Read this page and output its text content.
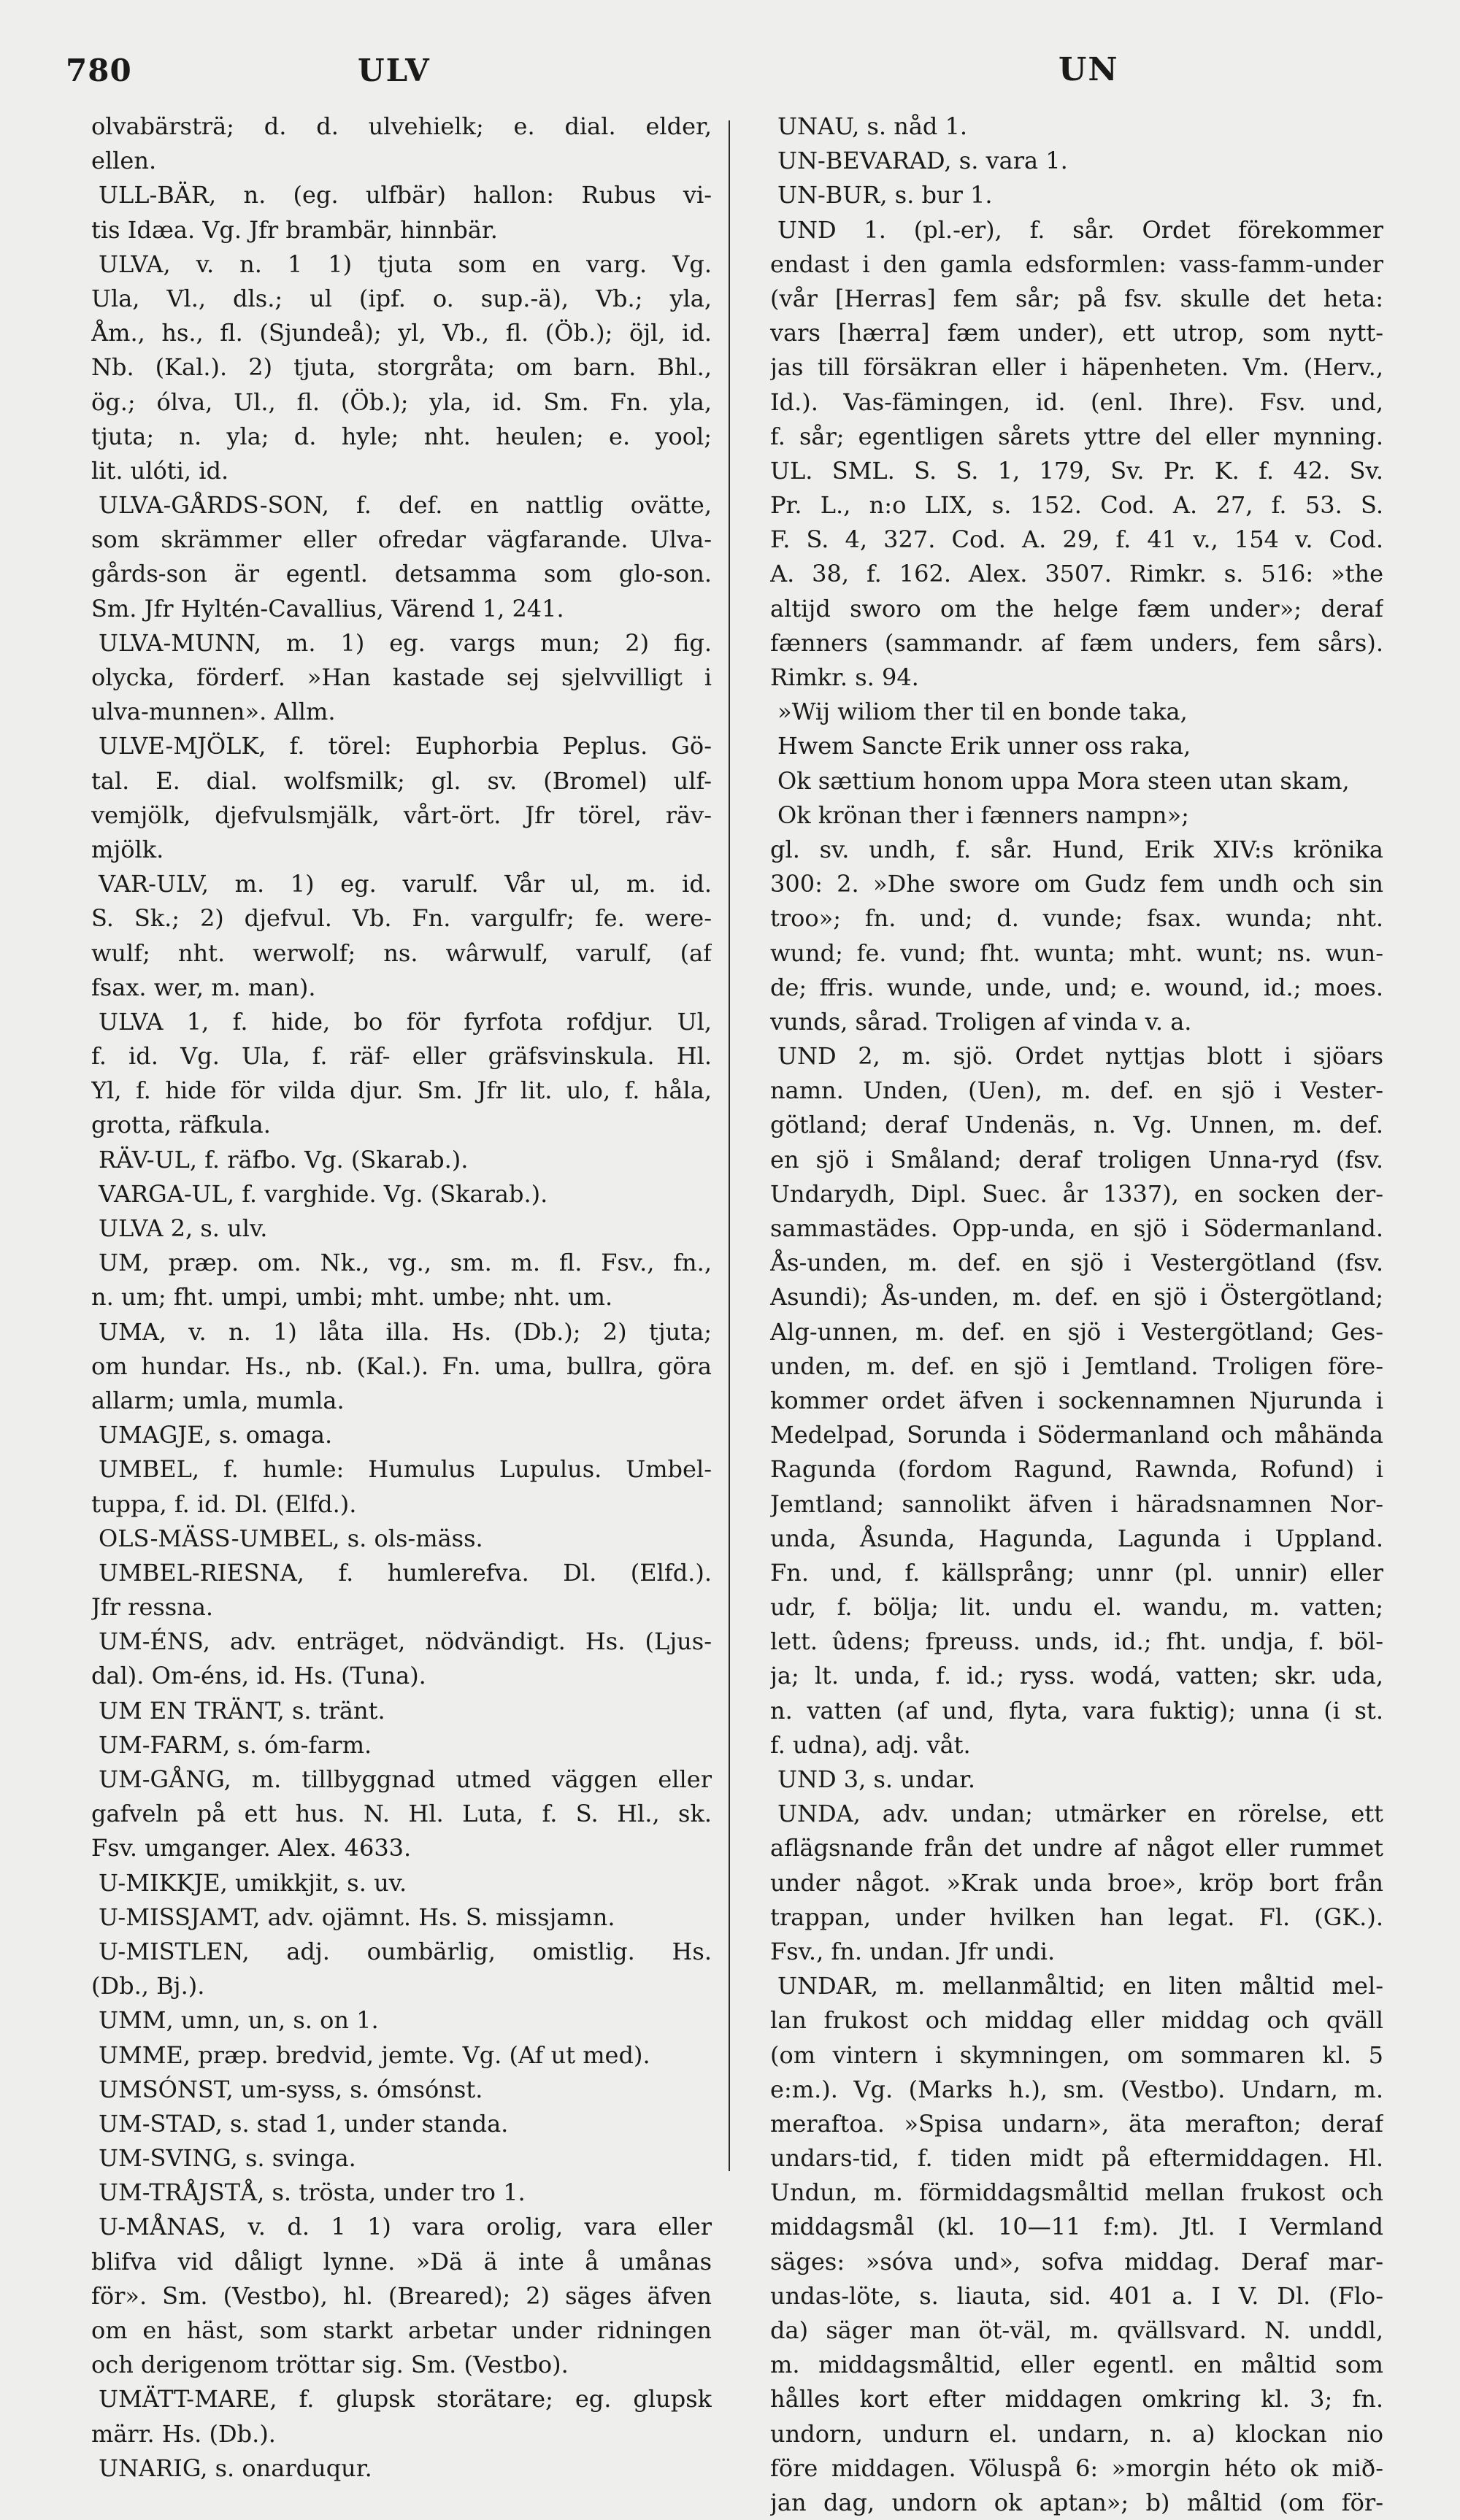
780	ULV	UN
olvabärsträ; d. d. ulvehielk; e. dial. elder,
ellen.
ULL-BÄR, n. (eg. ulfbär) hallon: Rubus vi-
tis Idæa. Vg. Jfr brambär, hinnbär.
ULVA, v. n. 1 1) tjuta som en varg. Vg.
Ula, Vl., dls.; ul (ipf. o. sup.-ä), Vb.; yla,
Åm., hs., fl. (Sjundeå); yl, Vb., fl. (Öb.); öjl, id.
Nb. (Kal.). 2) tjuta, storgråta; om barn. Bhl.,
ög.; ólva, Ul., fl. (Öb.); yla, id. Sm. Fn. yla,
tjuta; n. yla; d. hyle; nht. heulen; e. yool;
lit. ulóti, id.
ULVA-GÅRDS-SON, f. def. en nattlig ovätte,
som skrämmer eller ofredar vägfarande. Ulva-
gårds-son är egentl. detsamma som glo-son.
Sm. Jfr Hyltén-Cavallius, Värend 1, 241.
ULVA-MUNN, m. 1) eg. vargs mun; 2) fig.
olycka, förderf. »Han kastade sej sjelvvilligt i
ulva-munnen». Allm.
ULVE-MJÖLK, f. törel: Euphorbia Peplus. Gö-
tal. E. dial. wolfsmilk; gl. sv. (Bromel) ulf-
vemjölk, djefvulsmjälk, vårt-ört. Jfr törel, räv-
mjölk.
VAR-ULV, m. 1) eg. varulf. Vår ul, m. id.
S. Sk.; 2) djefvul. Vb. Fn. vargulfr; fe. were-
wulf; nht. werwolf; ns. wârwulf, varulf, (af
fsax. wer, m. man).
ULVA 1, f. hide, bo för fyrfota rofdjur. Ul,
f. id. Vg. Ula, f. räf- eller gräfsvinskula. Hl.
Yl, f. hide för vilda djur. Sm. Jfr lit. ulo, f. håla,
grotta, räfkula.
RÄV-UL, f. räfbo. Vg. (Skarab.).
VARGA-UL, f. varghide. Vg. (Skarab.).
ULVA 2, s. ulv.
UM, præp. om. Nk., vg., sm. m. fl. Fsv., fn.,
n. um; fht. umpi, umbi; mht. umbe; nht. um.
UMA, v. n. 1) låta illa. Hs. (Db.); 2) tjuta;
om hundar. Hs., nb. (Kal.). Fn. uma, bullra, göra
allarm; umla, mumla.
UMAGJE, s. omaga.
UMBEL, f. humle: Humulus Lupulus. Umbel-
tuppa, f. id. Dl. (Elfd.).
OLS-MÄSS-UMBEL, s. ols-mäss.
UMBEL-RIESNA, f. humlerefva. Dl. (Elfd.).
Jfr ressna.
UM-ÉNS, adv. enträget, nödvändigt. Hs. (Ljus-
dal). Om-éns, id. Hs. (Tuna).
UM EN TRÄNT, s. tränt.
UM-FARM, s. óm-farm.
UM-GÅNG, m. tillbyggnad utmed väggen eller
gafveln på ett hus. N. Hl. Luta, f. S. Hl., sk.
Fsv. umganger. Alex. 4633.
U-MIKKJE, umikkjit, s. uv.
U-MISSJAMT, adv. ojämnt. Hs. S. missjamn.
U-MISTLEN, adj. oumbärlig, omistlig. Hs.
(Db., Bj.).
UMM, umn, un, s. on 1.
UMME, præp. bredvid, jemte. Vg. (Af ut med).
UMSÓNST, um-syss, s. ómsónst.
UM-STAD, s. stad 1, under standa.
UM-SVING, s. svinga.
UM-TRÅJSTÅ, s. trösta, under tro 1.
U-MÅNAS, v. d. 1 1) vara orolig, vara eller
blifva vid dåligt lynne. »Dä ä inte å umånas
för». Sm. (Vestbo), hl. (Breared); 2) säges äfven
om en häst, som starkt arbetar under ridningen
och derigenom tröttar sig. Sm. (Vestbo).
UMÄTT-MARE, f. glupsk storätare; eg. glupsk
märr. Hs. (Db.).
UNARIG, s. onarduqur.
UNAU, s. nåd 1.
UN-BEVARAD, s. vara 1.
UN-BUR, s. bur 1.
UND 1. (pl.-er), f. sår. Ordet förekommer
endast i den gamla edsformlen: vass-famm-under
(vår [Herras] fem sår; på fsv. skulle det heta:
vars [hærra] fæm under), ett utrop, som nytt-
jas till försäkran eller i häpenheten. Vm. (Herv.,
Id.). Vas-fämingen, id. (enl. Ihre). Fsv. und,
f. sår; egentligen sårets yttre del eller mynning.
UL. SML. S. S. 1, 179, Sv. Pr. K. f. 42. Sv.
Pr. L., n:o LIX, s. 152. Cod. A. 27, f. 53. S.
F. S. 4, 327. Cod. A. 29, f. 41 v., 154 v. Cod.
A. 38, f. 162. Alex. 3507. Rimkr. s. 516: »the
altijd sworo om the helge fæm under»; deraf
fænners (sammandr. af fæm unders, fem sårs).
Rimkr. s. 94.
»Wij wiliom ther til en bonde taka,
Hwem Sancte Erik unner oss raka,
Ok sættium honom uppa Mora steen utan skam,
Ok krönan ther i fænners nampn»;
gl. sv. undh, f. sår. Hund, Erik XIV:s krönika
300: 2. »Dhe swore om Gudz fem undh och sin
troo»; fn. und; d. vunde; fsax. wunda; nht.
wund; fe. vund; fht. wunta; mht. wunt; ns. wun-
de; ffris. wunde, unde, und; e. wound, id.; moes.
vunds, sårad. Troligen af vinda v. a.
UND 2, m. sjö. Ordet nyttjas blott i sjöars
namn. Unden, (Uen), m. def. en sjö i Vester-
götland; deraf Undenäs, n. Vg. Unnen, m. def.
en sjö i Småland; deraf troligen Unna-ryd (fsv.
Undarydh, Dipl. Suec. år 1337), en socken der-
sammastädes. Opp-unda, en sjö i Södermanland.
Ås-unden, m. def. en sjö i Vestergötland (fsv.
Asundi); Ås-unden, m. def. en sjö i Östergötland;
Alg-unnen, m. def. en sjö i Vestergötland; Ges-
unden, m. def. en sjö i Jemtland. Troligen före-
kommer ordet äfven i sockennamnen Njurunda i
Medelpad, Sorunda i Södermanland och måhända
Ragunda (fordom Ragund, Rawnda, Rofund) i
Jemtland; sannolikt äfven i häradsnamnen Nor-
unda, Åsunda, Hagunda, Lagunda i Uppland.
Fn. und, f. källsprång; unnr (pl. unnir) eller
udr, f. bölja; lit. undu el. wandu, m. vatten;
lett. ûdens; fpreuss. unds, id.; fht. undja, f. böl-
ja; lt. unda, f. id.; ryss. wodá, vatten; skr. uda,
n. vatten (af und, flyta, vara fuktig); unna (i st.
f. udna), adj. våt.
UND 3, s. undar.
UNDA, adv. undan; utmärker en rörelse, ett
aflägsnande från det undre af något eller rummet
under något. »Krak unda broe», kröp bort från
trappan, under hvilken han legat. Fl. (GK.).
Fsv., fn. undan. Jfr undi.
UNDAR, m. mellanmåltid; en liten måltid mel-
lan frukost och middag eller middag och qväll
(om vintern i skymningen, om sommaren kl. 5
e:m.). Vg. (Marks h.), sm. (Vestbo). Undarn, m.
meraftoa. »Spisa undarn», äta merafton; deraf
undars-tid, f. tiden midt på eftermiddagen. Hl.
Undun, m. förmiddagsmåltid mellan frukost och
middagsmål (kl. 10—11 f:m). Jtl. I Vermland
säges: »sóva und», sofva middag. Deraf mar-
undas-löte, s. liauta, sid. 401 a. I V. Dl. (Flo-
da) säger man öt-väl, m. qvällsvard. N. unddl,
m. middagsmåltid, eller egentl. en måltid som
hålles kort efter middagen omkring kl. 3; fn.
undorn, undurn el. undarn, n. a) klockan nio
före middagen. Völuspå 6: »morgin héto ok mið-
jan dag, undorn ok aptan»; b) måltid (om för-
